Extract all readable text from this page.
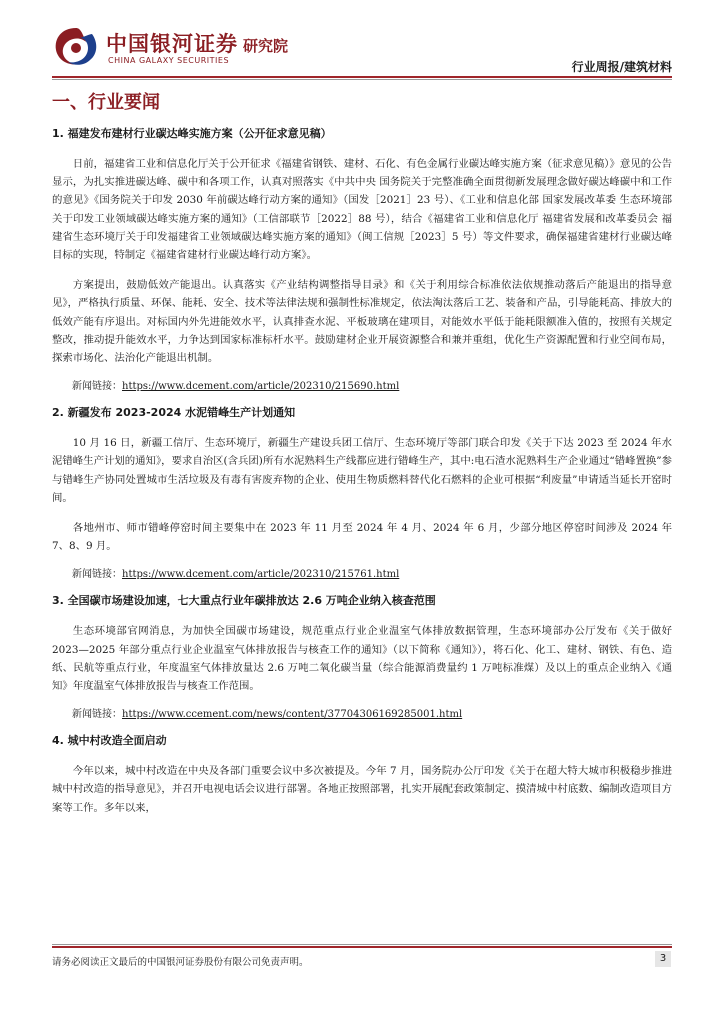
中国银河证券
CHINA GALAXY SECURITIES
研究院
行业周报/建筑材料
一、行业要闻
1. 福建发布建材行业碳达峰实施方案（公开征求意见稿）

日前，福建省工业和信息化厅关于公开征求《福建省钢铁、建材、石化、有色金属行业碳达峰实施方案（征求意见稿）》意见的公告显示，为扎实推进碳达峰、碳中和各项工作，认真对照落实《中共中央 国务院关于完整准确全面贯彻新发展理念做好碳达峰碳中和工作的意见》《国务院关于印发 2030 年前碳达峰行动方案的通知》（国发［2021］23 号）、《工业和信息化部 国家发展改革委 生态环境部关于印发工业领域碳达峰实施方案的通知》（工信部联节［2022］88 号），结合《福建省工业和信息化厅 福建省发展和改革委员会 福建省生态环境厅关于印发福建省工业领域碳达峰实施方案的通知》（闽工信规［2023］5 号）等文件要求，确保福建省建材行业碳达峰目标的实现，特制定《福建省建材行业碳达峰行动方案》。

方案提出，鼓励低效产能退出。认真落实《产业结构调整指导目录》和《关于利用综合标准依法依规推动落后产能退出的指导意见》，严格执行质量、环保、能耗、安全、技术等法律法规和强制性标准规定，依法淘汰落后工艺、装备和产品，引导能耗高、排放大的低效产能有序退出。对标国内外先进能效水平，认真排查水泥、平板玻璃在建项目，对能效水平低于能耗限额准入值的，按照有关规定整改，推动提升能效水平，力争达到国家标准标杆水平。鼓励建材企业开展资源整合和兼并重组，优化生产资源配置和行业空间布局，探索市场化、法治化产能退出机制。

新闻链接：https://www.dcement.com/article/202310/215690.html

2. 新疆发布 2023-2024 水泥错峰生产计划通知

10 月 16 日，新疆工信厅、生态环境厅，新疆生产建设兵团工信厅、生态环境厅等部门联合印发《关于下达 2023 至 2024 年水泥错峰生产计划的通知》，要求自治区(含兵团)所有水泥熟料生产线都应进行错峰生产，其中:电石渣水泥熟料生产企业通过“错峰置换”参与错峰生产协同处置城市生活垃圾及有毒有害废弃物的企业、使用生物质燃料替代化石燃料的企业可根据“利废量”申请适当延长开窑时间。

各地州市、师市错峰停窑时间主要集中在 2023 年 11 月至 2024 年 4 月、2024 年 6 月，少部分地区停窑时间涉及 2024 年 7、8、9 月。

新闻链接：https://www.dcement.com/article/202310/215761.html

3. 全国碳市场建设加速，七大重点行业年碳排放达 2.6 万吨企业纳入核查范围

生态环境部官网消息，为加快全国碳市场建设，规范重点行业企业温室气体排放数据管理，生态环境部办公厅发布《关于做好 2023—2025 年部分重点行业企业温室气体排放报告与核查工作的通知》（以下简称《通知》），将石化、化工、建材、钢铁、有色、造纸、民航等重点行业，年度温室气体排放量达 2.6 万吨二氧化碳当量（综合能源消费量约 1 万吨标准煤）及以上的重点企业纳入《通知》年度温室气体排放报告与核查工作范围。

新闻链接：https://www.ccement.com/news/content/37704306169285001.html

4. 城中村改造全面启动

今年以来，城中村改造在中央及各部门重要会议中多次被提及。今年 7 月，国务院办公厅印发《关于在超大特大城市积极稳步推进城中村改造的指导意见》，并召开电视电话会议进行部署。各地正按照部署，扎实开展配套政策制定、摸清城中村底数、编制改造项目方案等工作。多年以来，

请务必阅读正文最后的中国银河证券股份有限公司免责声明。	3
